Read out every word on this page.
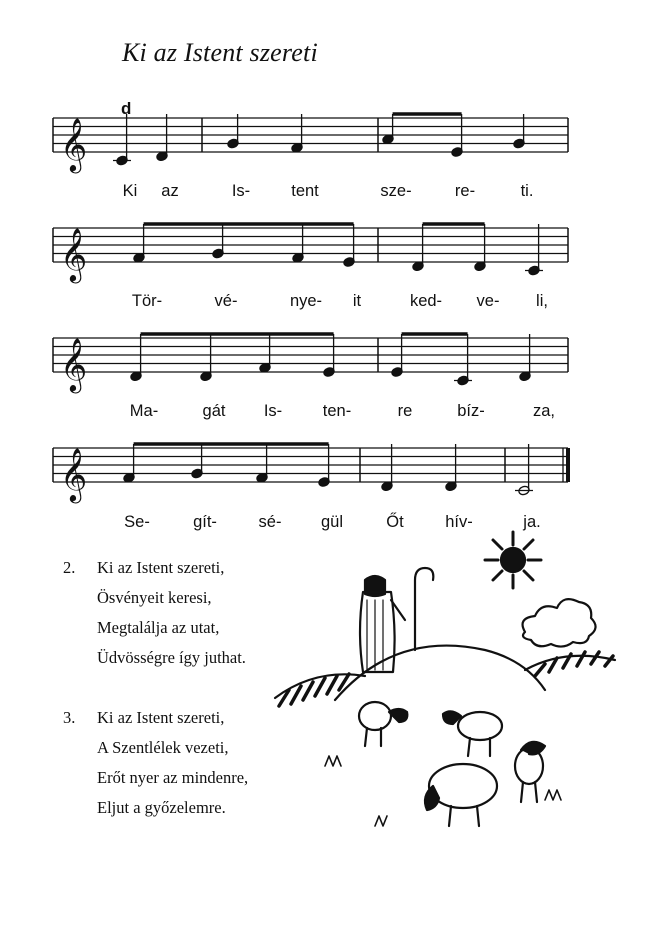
Ki az Istent szereti
d
𝄞
𝄞
𝄞
𝄞
Ki az	Is- tent	sze-	re-	ti.
Tör-	vé-	nye- it	ked- ve- li,
Ma-	gát Is- ten-	re	bíz-	za,
Se-	gít-	sé- gül	Őt	hív-	ja.
2. Ki az Istent szereti,
Ösvényeit keresi,
Megtalálja az utat,
Üdvösségre így juthat.
3. Ki az Istent szereti,
A Szentlélek vezeti,
Erőt nyer az mindenre,
Eljut a győzelemre.
